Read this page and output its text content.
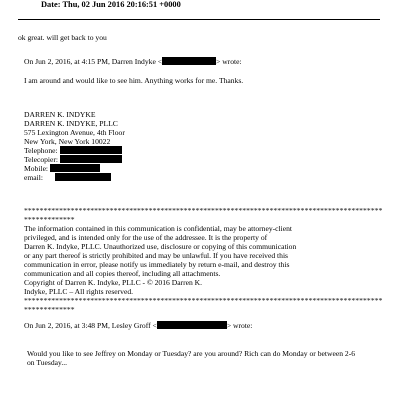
Date: Thu, 02 Jun 2016 20:16:51 +0000
ok great. will get back to you
On Jun 2, 2016, at 4:15 PM, Darren Indyke <	> wrote:
I am around and would like to see him. Anything works for me. Thanks.
DARREN K. INDYKE
DARREN K. INDYKE, PLLC
575 Lexington Avenue, 4th Floor
New York, New York 10022
Telephone:
Telecopier:
Mobile:
email:
********************************************************************************************
*************
The information contained in this communication is confidential, may be attorney-client
privileged, and is intended only for the use of the addressee. It is the property of
Darren K. Indyke, PLLC. Unauthorized use, disclosure or copying of this communication
or any part thereof is strictly prohibited and may be unlawful. If you have received this
communication in error, please notify us immediately by return e-mail, and destroy this
communication and all copies thereof, including all attachments.
Copyright of Darren K. Indyke, PLLC - © 2016 Darren K.
Indyke, PLLC – All rights reserved.
********************************************************************************************
*************
On Jun 2, 2016, at 3:48 PM, Lesley Groff <	> wrote:
Would you like to see Jeffrey on Monday or Tuesday? are you around? Rich can do Monday or between 2-6
on Tuesday...
